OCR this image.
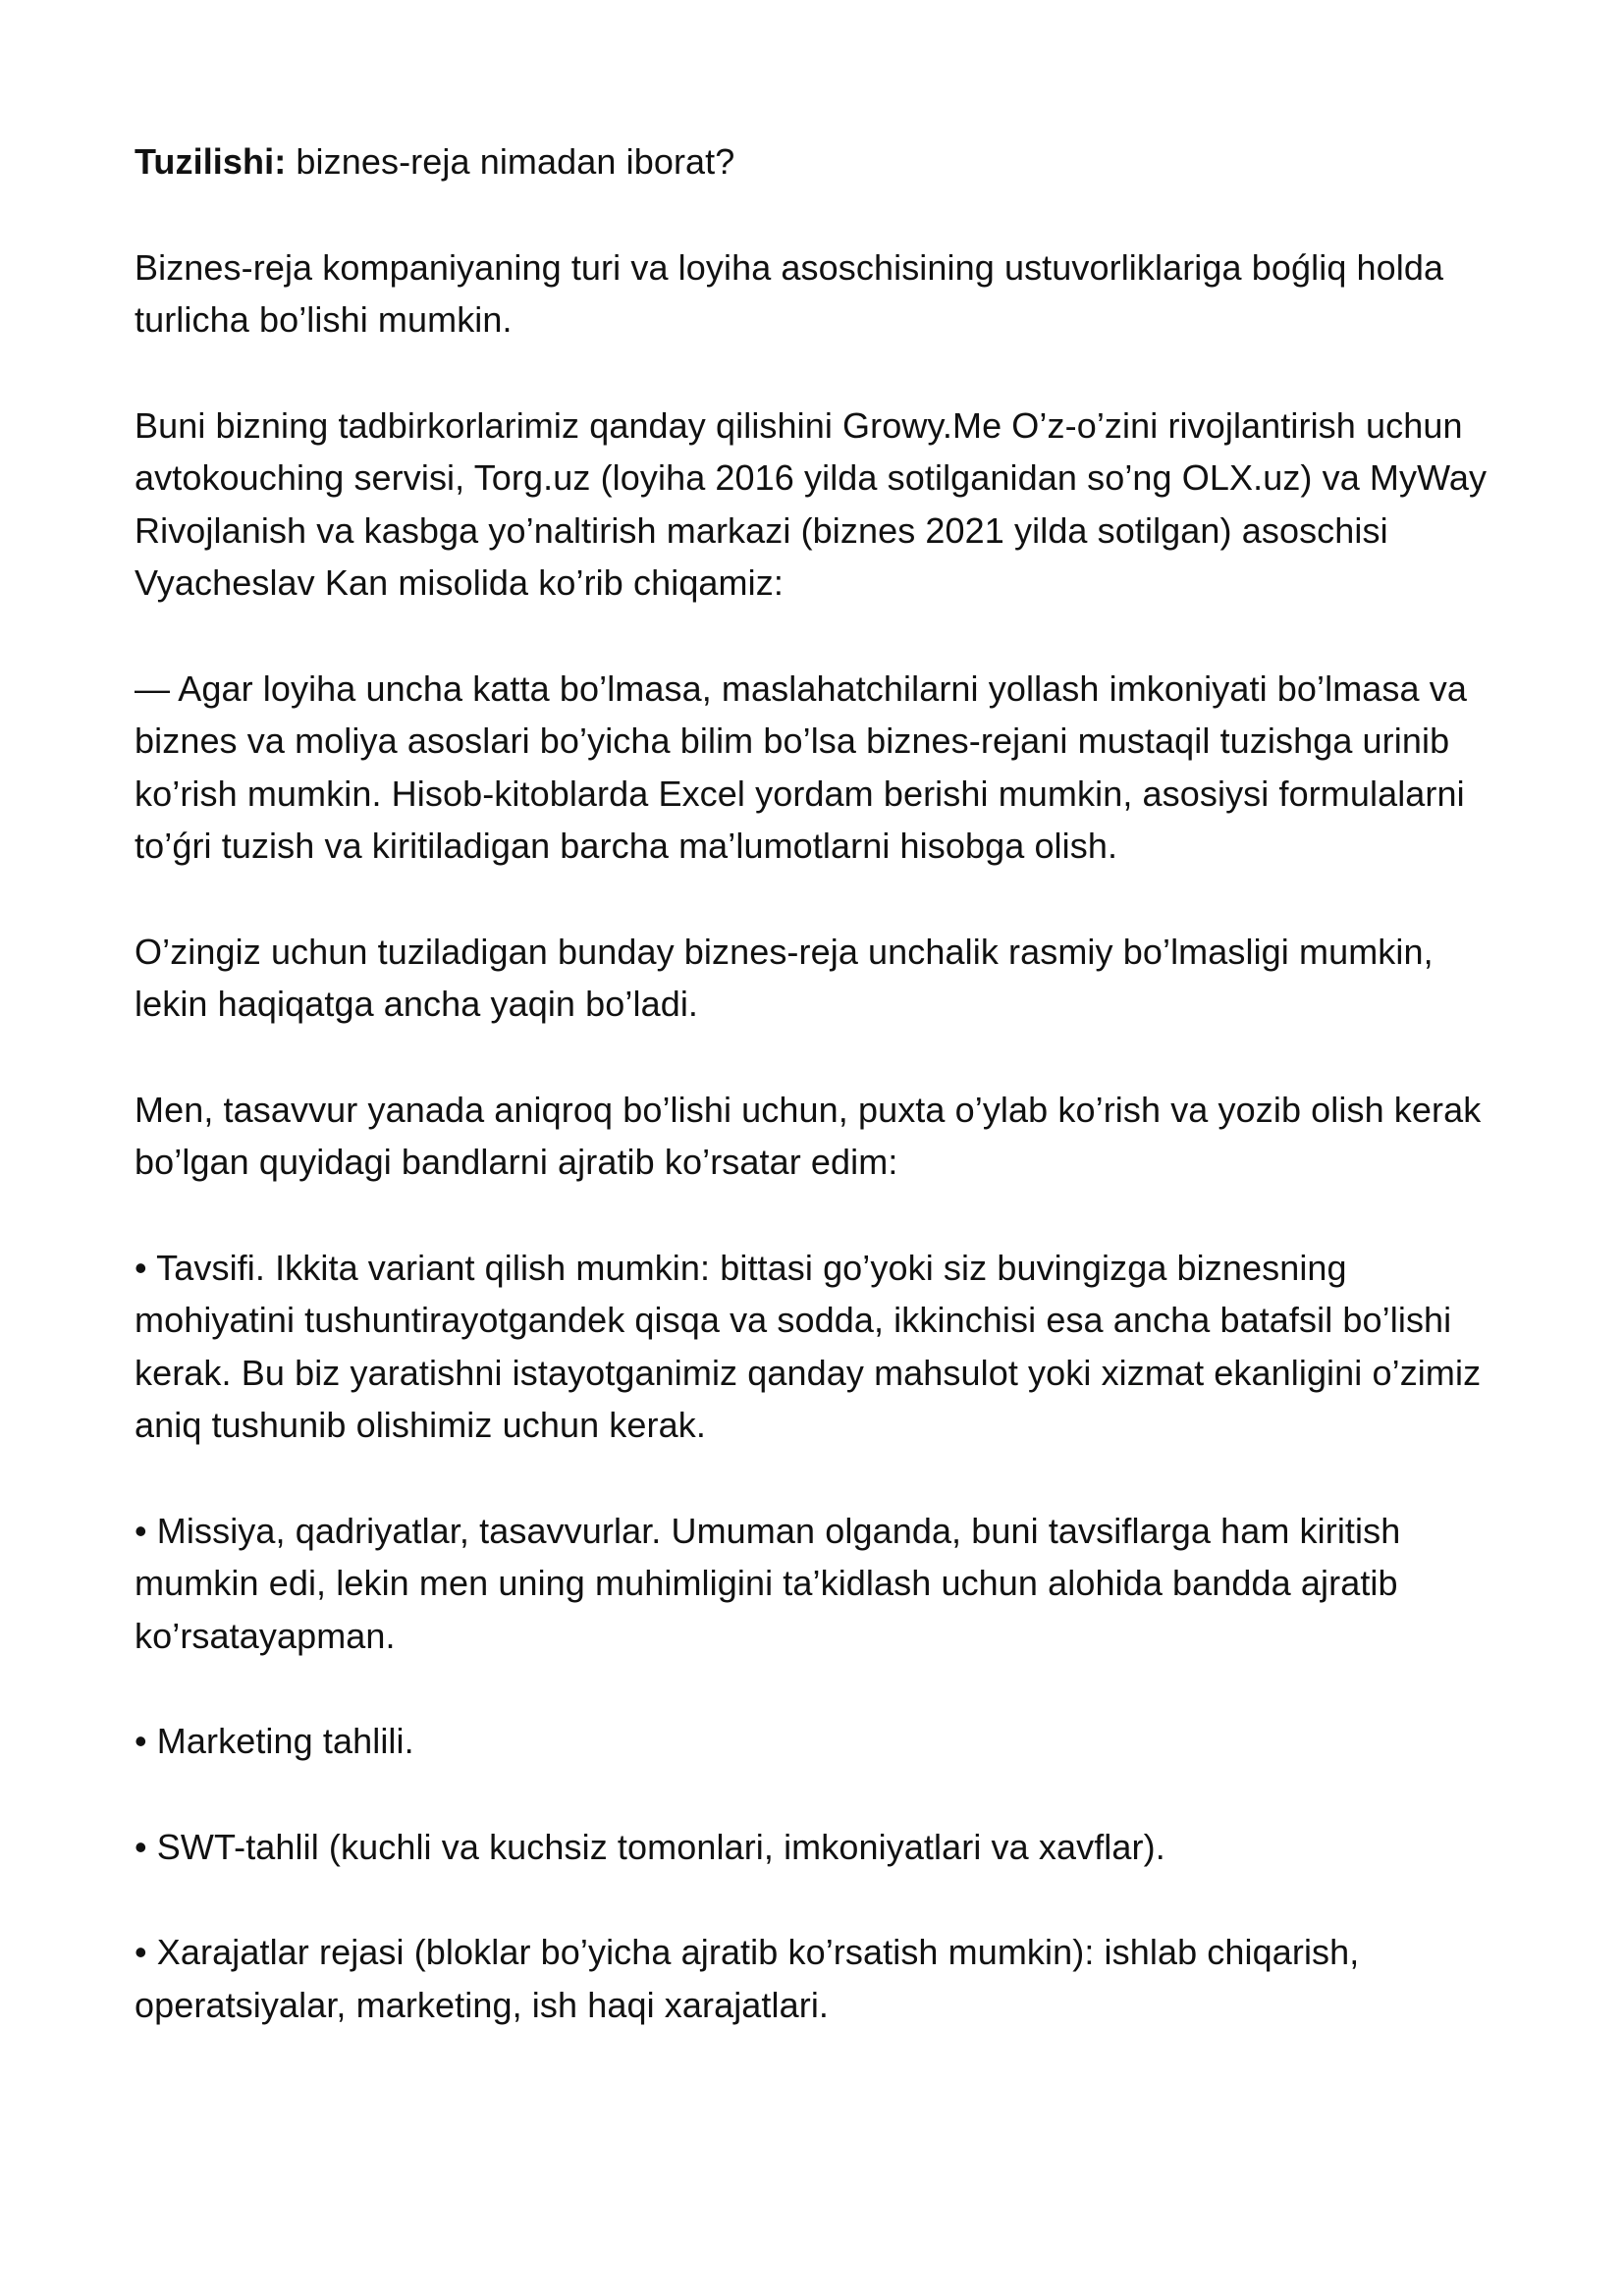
Tuzilishi: biznes-reja nimadan iborat?

Biznes-reja kompaniyaning turi va loyiha asoschisining ustuvorliklariga boǵliq holda turlicha bo’lishi mumkin.

Buni bizning tadbirkorlarimiz qanday qilishini Growy.Me O’z-o’zini rivojlantirish uchun avtokouching servisi, Torg.uz (loyiha 2016 yilda sotilganidan so’ng OLX.uz) va MyWay Rivojlanish va kasbga yo’naltirish markazi (biznes 2021 yilda sotilgan) asoschisi Vyacheslav Kan misolida ko’rib chiqamiz:

— Agar loyiha uncha katta bo’lmasa, maslahatchilarni yollash imkoniyati bo’lmasa va biznes va moliya asoslari bo’yicha bilim bo’lsa biznes-rejani mustaqil tuzishga urinib ko’rish mumkin. Hisob-kitoblarda Excel yordam berishi mumkin, asosiysi formulalarni to’ǵri tuzish va kiritiladigan barcha ma’lumotlarni hisobga olish.

O’zingiz uchun tuziladigan bunday biznes-reja unchalik rasmiy bo’lmasligi mumkin, lekin haqiqatga ancha yaqin bo’ladi.

Men, tasavvur yanada aniqroq bo’lishi uchun, puxta o’ylab ko’rish va yozib olish kerak bo’lgan quyidagi bandlarni ajratib ko’rsatar edim:

• Tavsifi. Ikkita variant qilish mumkin: bittasi go’yoki siz buvingizga biznesning mohiyatini tushuntirayotgandek qisqa va sodda, ikkinchisi esa ancha batafsil bo’lishi kerak. Bu biz yaratishni istayotganimiz qanday mahsulot yoki xizmat ekanligini o’zimiz aniq tushunib olishimiz uchun kerak.

• Missiya, qadriyatlar, tasavvurlar. Umuman olganda, buni tavsiflarga ham kiritish mumkin edi, lekin men uning muhimligini ta’kidlash uchun alohida bandda ajratib ko’rsatayapman.

• Marketing tahlili.

• SWT-tahlil (kuchli va kuchsiz tomonlari, imkoniyatlari va xavflar).

• Xarajatlar rejasi (bloklar bo’yicha ajratib ko’rsatish mumkin): ishlab chiqarish, operatsiyalar, marketing, ish haqi xarajatlari.
